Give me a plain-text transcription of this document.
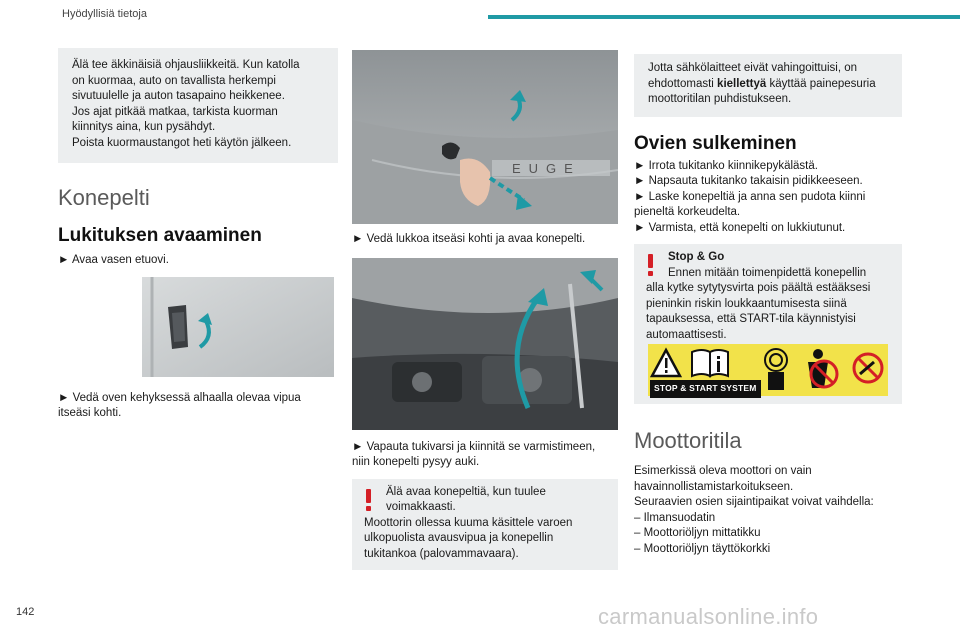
Hyödyllisiä tietoja

Älä tee äkkinäisiä ohjausliikkeitä. Kun katolla

on kuormaa, auto on tavallista herkempi

sivutuulelle ja auton tasapaino heikkenee.

Jos ajat pitkää matkaa, tarkista kuorman

kiinnitys aina, kun pysähdyt.

Poista kuormaustangot heti käytön jälkeen.

Konepelti
Lukituksen avaaminen
► Avaa vasen etuovi.

► Vedä oven kehyksessä alhaalla olevaa vipua

itseäsi kohti.

EUGE
► Vedä lukkoa itseäsi kohti ja avaa konepelti.

► Vapauta tukivarsi ja kiinnitä se varmistimeen,

niin konepelti pysyy auki.

Älä avaa konepeltiä, kun tuulee

voimakkaasti.

Moottorin ollessa kuuma käsittele varoen

ulkopuolista avausvipua ja konepellin

tukitankoa (palovammavaara).

Jotta sähkölaitteet eivät vahingoittuisi, on

ehdottomasti kiellettyä käyttää painepesuria

moottoritilan puhdistukseen.

Ovien sulkeminen

► Irrota tukitanko kiinnikepykälästä.

► Napsauta tukitanko takaisin pidikkeeseen.

► Laske konepeltiä ja anna sen pudota kiinni

pieneltä korkeudelta.

► Varmista, että konepelti on lukkiutunut.

Stop & Go

Ennen mitään toimenpidettä konepellin

alla kytke sytytysvirta pois päältä estääksesi

pieninkin riskin loukkaantumisesta siinä

tapauksessa, että START-tila käynnistyisi

automaattisesti.

STOP & START SYSTEM
Moottoritila

Esimerkissä oleva moottori on vain

havainnollistamistarkoitukseen.

Seuraavien osien sijaintipaikat voivat vaihdella:

– Ilmansuodatin

– Moottoriöljyn mittatikku

– Moottoriöljyn täyttökorkki

142	carmanualsonline.info
